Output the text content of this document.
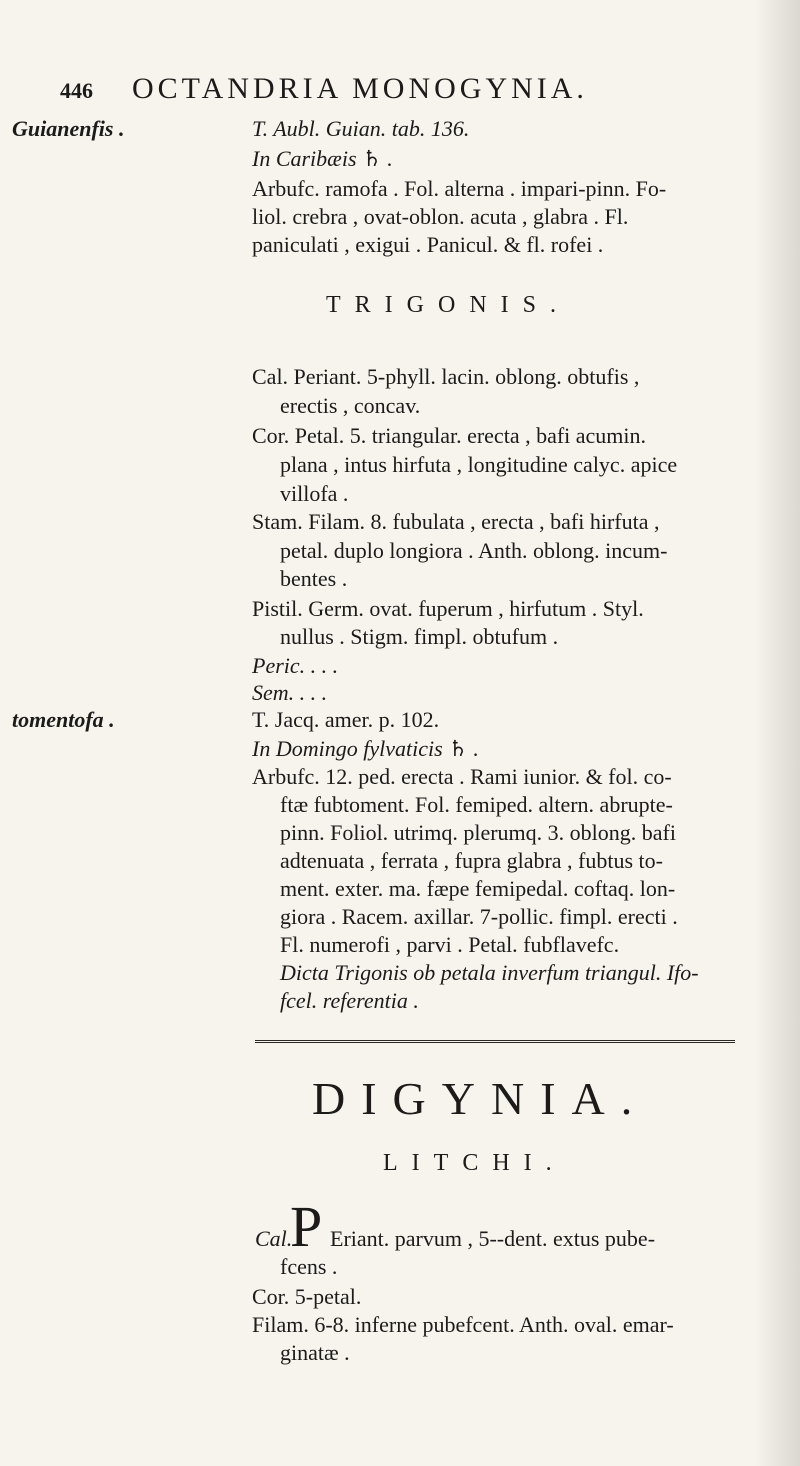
446 OCTANDRIA MONOGYNIA.
Guianenfis .	T. Aubl. Guian. tab. 136.
In Caribæis ♄ .
Arbufc. ramofa . Fol. alterna . impari-pinn. Fo-
liol. crebra , ovat-oblon. acuta , glabra . Fl.
paniculati , exigui . Panicul. & fl. rofei .
TRIGONIS.
Cal. Periant. 5-phyll. lacin. oblong. obtufis ,
erectis , concav.
Cor. Petal. 5. triangular. erecta , bafi acumin.
plana , intus hirfuta , longitudine calyc. apice
villofa .
Stam. Filam. 8. fubulata , erecta , bafi hirfuta ,
petal. duplo longiora . Anth. oblong. incum-
bentes .
Pistil. Germ. ovat. fuperum , hirfutum . Styl.
nullus . Stigm. fimpl. obtufum .
Peric. . . .
Sem. . . .
tomentofa .	T. Jacq. amer. p. 102.
In Domingo fylvaticis ♄ .
Arbufc. 12. ped. erecta . Rami iunior. & fol. co-
ftæ fubtoment. Fol. femiped. altern. abrupte-
pinn. Foliol. utrimq. plerumq. 3. oblong. bafi
adtenuata , ferrata , fupra glabra , fubtus to-
ment. exter. ma. fæpe femipedal. coftaq. lon-
giora . Racem. axillar. 7-pollic. fimpl. erecti .
Fl. numerofi , parvi . Petal. fubflavefc.
Dicta Trigonis ob petala inverfum triangul. Ifo-
fcel. referentia .
DIGYNIA.
LITCHI.
P
Cal. Eriant. parvum , 5--dent. extus pube-
fcens .
Cor. 5-petal.
Filam. 6-8. inferne pubefcent. Anth. oval. emar-
ginatæ .
